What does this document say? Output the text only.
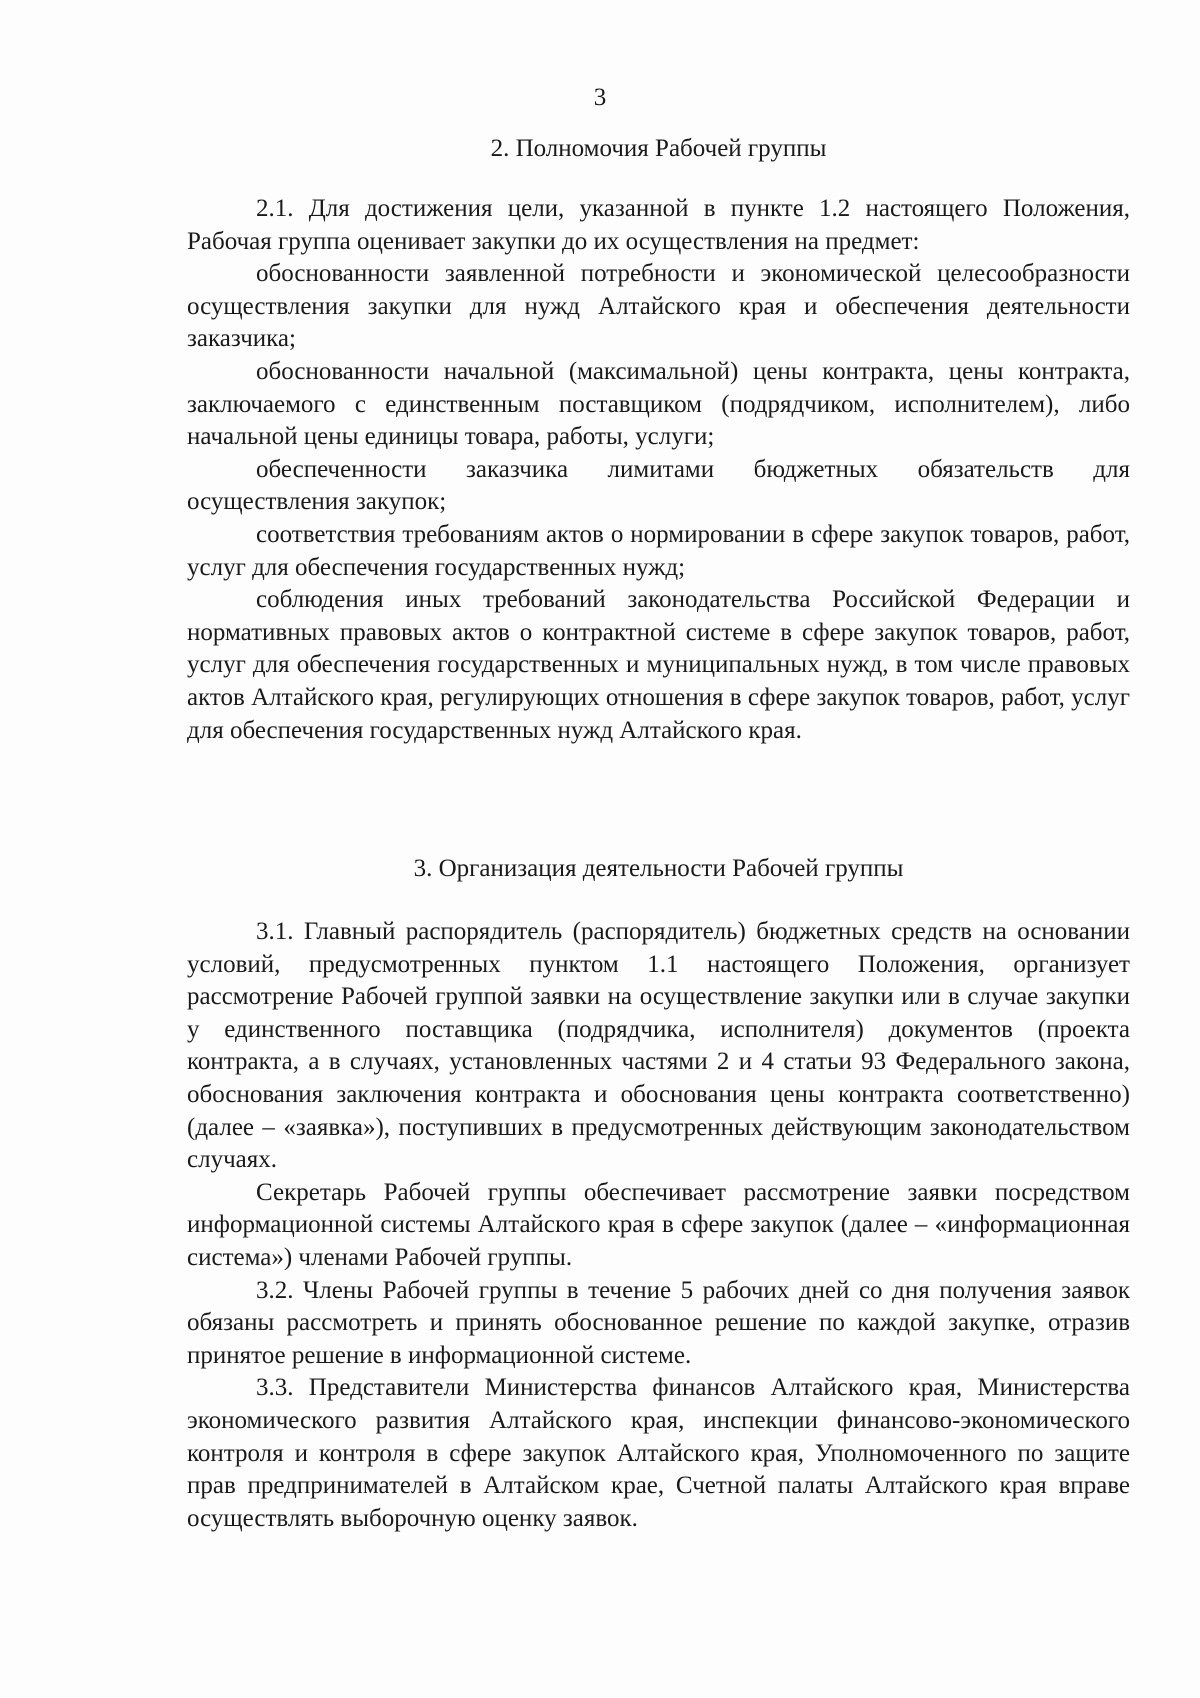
3
2. Полномочия Рабочей группы

2.1. Для достижения цели, указанной в пункте 1.2 настоящего Положения, Рабочая группа оценивает закупки до их осуществления на предмет:

обоснованности заявленной потребности и экономической целесообразности осуществления закупки для нужд Алтайского края и обеспечения деятельности заказчика;

обоснованности начальной (максимальной) цены контракта, цены контракта, заключаемого с единственным поставщиком (подрядчиком, исполнителем), либо начальной цены единицы товара, работы, услуги;

обеспеченности заказчика лимитами бюджетных обязательств для осуществления закупок;

соответствия требованиям актов о нормировании в сфере закупок товаров, работ, услуг для обеспечения государственных нужд;

соблюдения иных требований законодательства Российской Федерации и нормативных правовых актов о контрактной системе в сфере закупок товаров, работ, услуг для обеспечения государственных и муниципальных нужд, в том числе правовых актов Алтайского края, регулирующих отношения в сфере закупок товаров, работ, услуг для обеспечения государственных нужд Алтайского края.

3. Организация деятельности Рабочей группы

3.1. Главный распорядитель (распорядитель) бюджетных средств на основании условий, предусмотренных пунктом 1.1 настоящего Положения, организует рассмотрение Рабочей группой заявки на осуществление закупки или в случае закупки у единственного поставщика (подрядчика, исполнителя) документов (проекта контракта, а в случаях, установленных частями 2 и 4 статьи 93 Федерального закона, обоснования заключения контракта и обоснования цены контракта соответственно) (далее – «заявка»), поступивших в предусмотренных действующим законодательством случаях.

Секретарь Рабочей группы обеспечивает рассмотрение заявки посредством информационной системы Алтайского края в сфере закупок (далее – «информационная система») членами Рабочей группы.

3.2. Члены Рабочей группы в течение 5 рабочих дней со дня получения заявок обязаны рассмотреть и принять обоснованное решение по каждой закупке, отразив принятое решение в информационной системе.

3.3. Представители Министерства финансов Алтайского края, Министерства экономического развития Алтайского края, инспекции финансово-экономического контроля и контроля в сфере закупок Алтайского края, Уполномоченного по защите прав предпринимателей в Алтайском крае, Счетной палаты Алтайского края вправе осуществлять выборочную оценку заявок.
